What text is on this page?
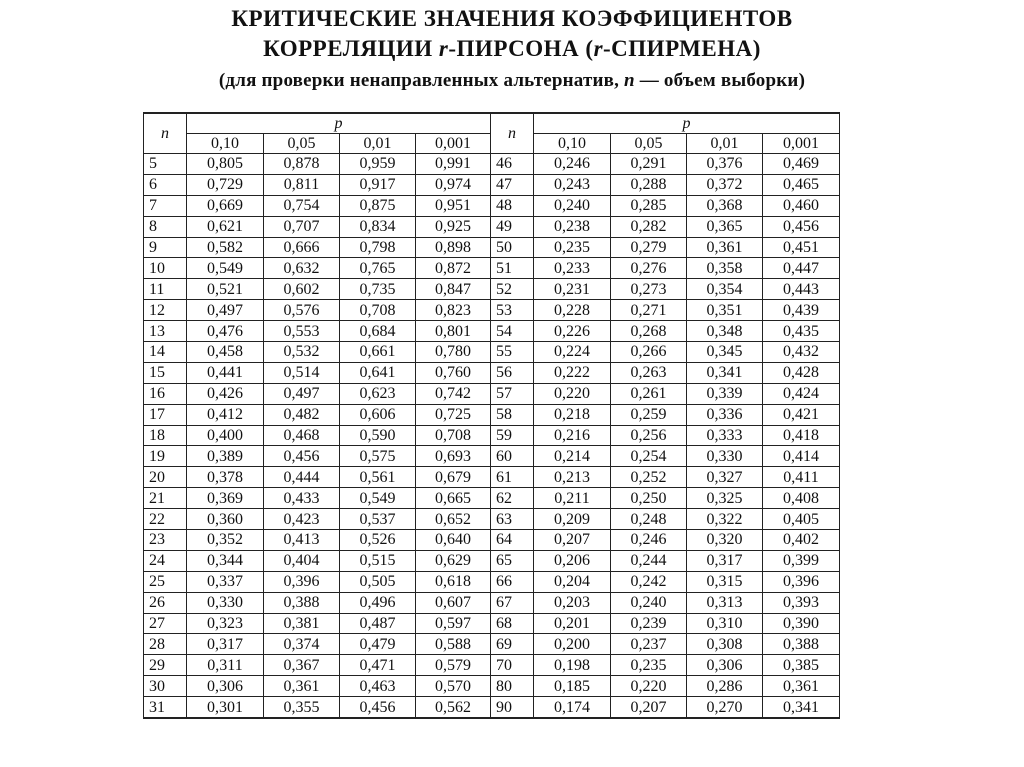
КРИТИЧЕСКИЕ ЗНАЧЕНИЯ КОЭФФИЦИЕНТОВ
КОРРЕЛЯЦИИ r-ПИРСОНА (r-СПИРМЕНА)
(для проверки ненаправленных альтернатив, n — объем выборки)
n	p			
	0,10	0,05	0,01	0,001
5	0,805	0,878	0,959	0,991
6	0,729	0,811	0,917	0,974
7	0,669	0,754	0,875	0,951
8	0,621	0,707	0,834	0,925
9	0,582	0,666	0,798	0,898
10	0,549	0,632	0,765	0,872
11	0,521	0,602	0,735	0,847
12	0,497	0,576	0,708	0,823
13	0,476	0,553	0,684	0,801
14	0,458	0,532	0,661	0,780
15	0,441	0,514	0,641	0,760
16	0,426	0,497	0,623	0,742
17	0,412	0,482	0,606	0,725
18	0,400	0,468	0,590	0,708
19	0,389	0,456	0,575	0,693
20	0,378	0,444	0,561	0,679
21	0,369	0,433	0,549	0,665
22	0,360	0,423	0,537	0,652
23	0,352	0,413	0,526	0,640
24	0,344	0,404	0,515	0,629
25	0,337	0,396	0,505	0,618
26	0,330	0,388	0,496	0,607
27	0,323	0,381	0,487	0,597
28	0,317	0,374	0,479	0,588
29	0,311	0,367	0,471	0,579
30	0,306	0,361	0,463	0,570
31	0,301	0,355	0,456	0,562
n	p			
	0,10	0,05	0,01	0,001
46	0,246	0,291	0,376	0,469
47	0,243	0,288	0,372	0,465
48	0,240	0,285	0,368	0,460
49	0,238	0,282	0,365	0,456
50	0,235	0,279	0,361	0,451
51	0,233	0,276	0,358	0,447
52	0,231	0,273	0,354	0,443
53	0,228	0,271	0,351	0,439
54	0,226	0,268	0,348	0,435
55	0,224	0,266	0,345	0,432
56	0,222	0,263	0,341	0,428
57	0,220	0,261	0,339	0,424
58	0,218	0,259	0,336	0,421
59	0,216	0,256	0,333	0,418
60	0,214	0,254	0,330	0,414
61	0,213	0,252	0,327	0,411
62	0,211	0,250	0,325	0,408
63	0,209	0,248	0,322	0,405
64	0,207	0,246	0,320	0,402
65	0,206	0,244	0,317	0,399
66	0,204	0,242	0,315	0,396
67	0,203	0,240	0,313	0,393
68	0,201	0,239	0,310	0,390
69	0,200	0,237	0,308	0,388
70	0,198	0,235	0,306	0,385
80	0,185	0,220	0,286	0,361
90	0,174	0,207	0,270	0,341
